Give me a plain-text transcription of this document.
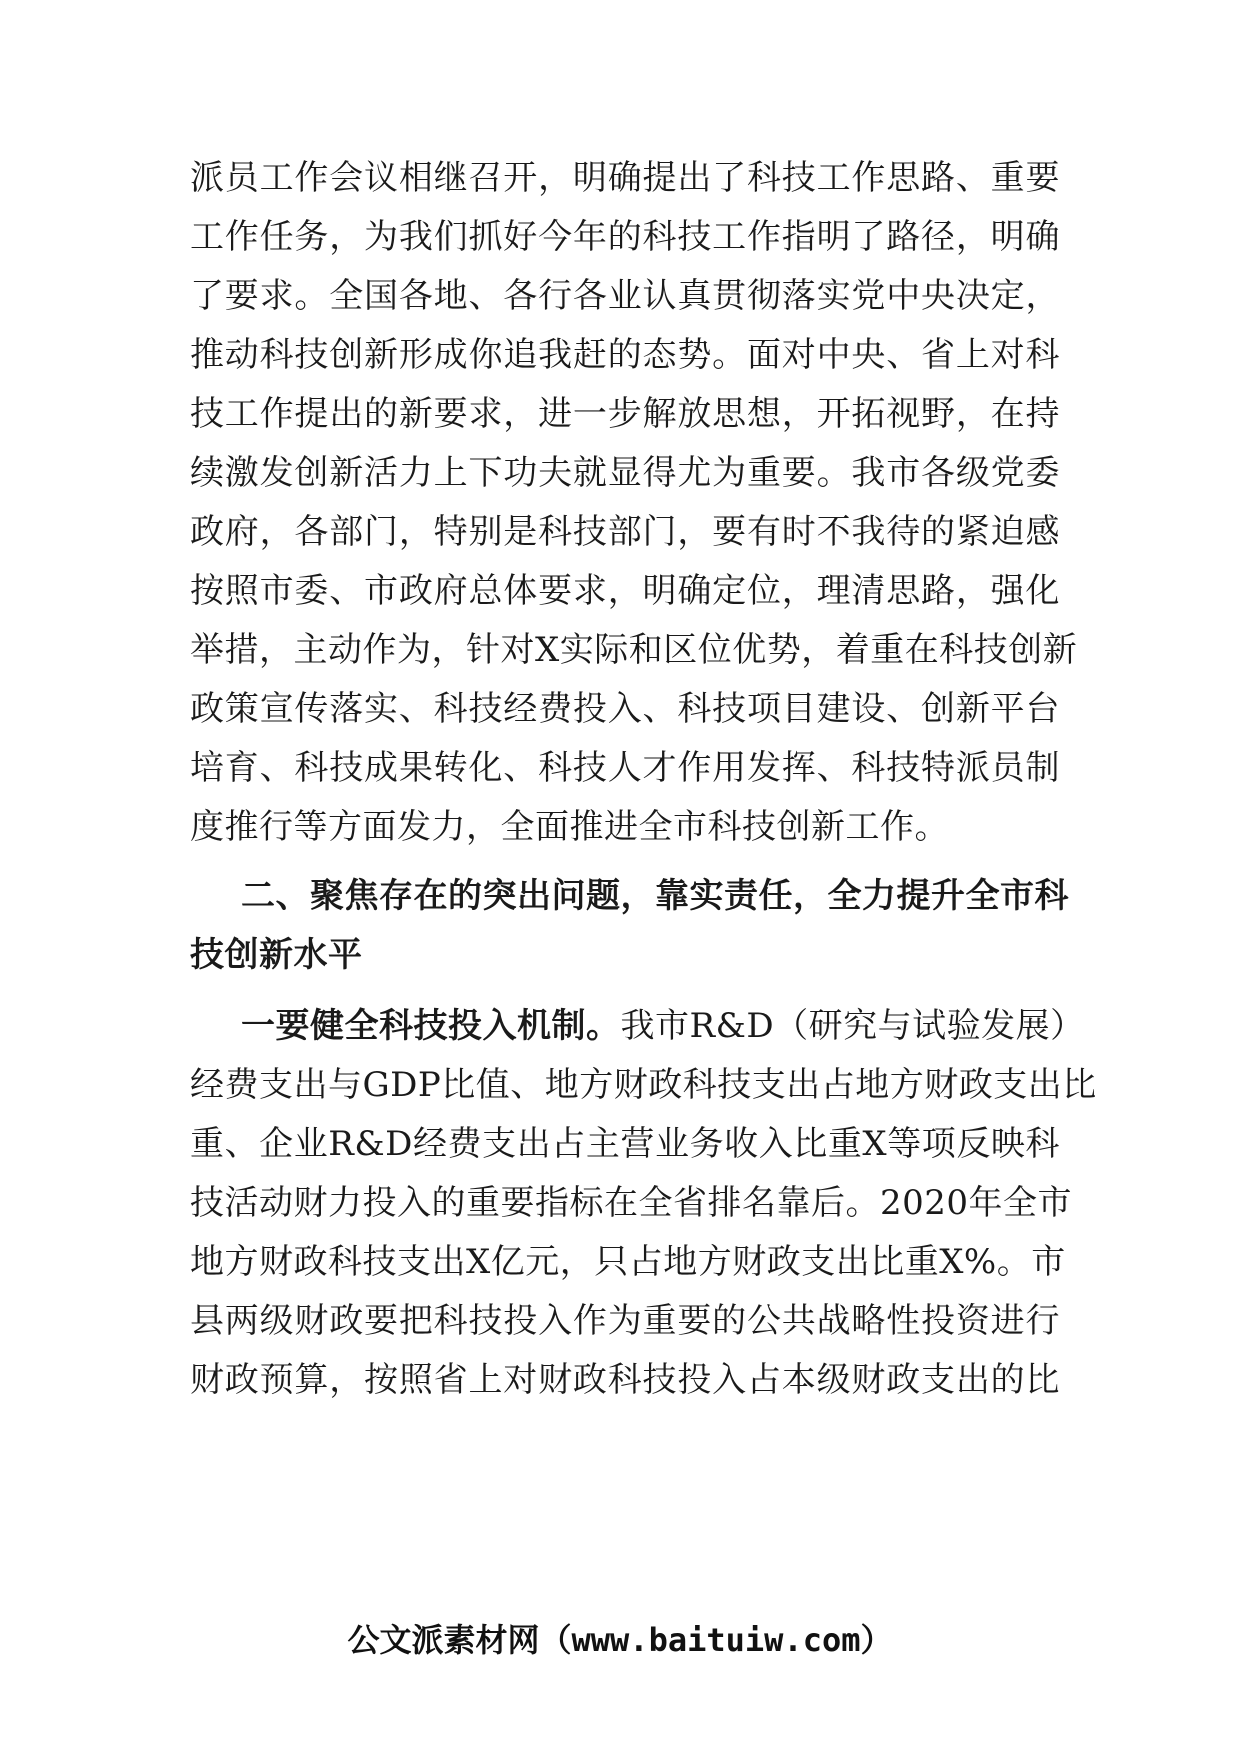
派员工作会议相继召开，明确提出了科技工作思路、重要
工作任务，为我们抓好今年的科技工作指明了路径，明确
了要求。全国各地、各行各业认真贯彻落实党中央决定，
推动科技创新形成你追我赶的态势。面对中央、省上对科
技工作提出的新要求，进一步解放思想，开拓视野，在持
续激发创新活力上下功夫就显得尤为重要。我市各级党委
政府，各部门，特别是科技部门，要有时不我待的紧迫感
按照市委、市政府总体要求，明确定位，理清思路，强化
举措，主动作为，针对X实际和区位优势，着重在科技创新
政策宣传落实、科技经费投入、科技项目建设、创新平台
培育、科技成果转化、科技人才作用发挥、科技特派员制
度推行等方面发力，全面推进全市科技创新工作。
二、聚焦存在的突出问题，靠实责任，全力提升全市科
技创新水平
一要健全科技投入机制。我市R&D（研究与试验发展）
经费支出与GDP比值、地方财政科技支出占地方财政支出比
重、企业R&D经费支出占主营业务收入比重X等项反映科
技活动财力投入的重要指标在全省排名靠后。2020年全市
地方财政科技支出X亿元，只占地方财政支出比重X%。市
县两级财政要把科技投入作为重要的公共战略性投资进行
财政预算，按照省上对财政科技投入占本级财政支出的比
公文派素材网（www.baituiw.com）
